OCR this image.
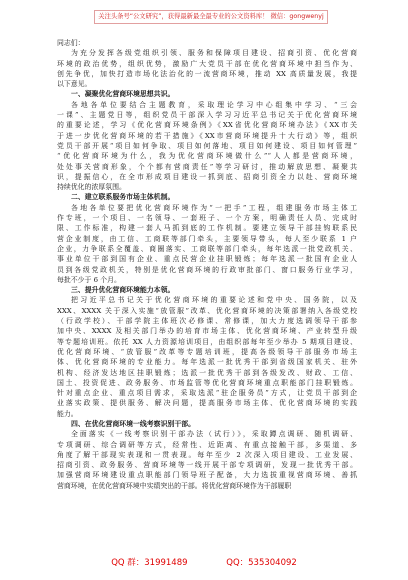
关注头条号“公文研究”，获得最新最全最专业的公文资料库！ 微信：gongwenyj
同志们：
为充分发挥各级党组织引领、服务和保障项目建设、招商引资、优化营商
环境的政治优势，组织优势，激励广大党员干部在优化营商环境中担当作为、
创先争优，加快打造市场化法治化的一流营商环境，推动 XX 高质量发展，我提
以下意见。
一、凝聚优化营商环境思想共识。
各地各单位要结合主题教育，采取理论学习中心组集中学习、“三会
一课”、主题党日等，组织党员干部深入学习习近平总书记关于优化营商环境
的重要论述，学习《优化营商环境条例》《XX省优化营商环境办法》《XX市关
于进一步优化营商环境的若干措施》《XX市营商环境提升十大行动》等，组织
党员干部开展“项目如何争取、项目如何落地、项目如何建设、项目如何管理”
“优化营商环境为什么，我为优化营商环境做什么”“人人都是营商环境，
处处事关营商形象，个个都有营商责任”等学习研讨，推动解放思想、凝聚共
识，提振信心，在全市形成项目建设一抓到底、招商引资全力以赴、营商环境
持续优化的浓厚氛围。
二、建立联系服务市场主体机制。
各地各单位要把优化营商环境作为“一把手”工程，组建服务市场主体工
作专班，一个项目、一名领导、一套班子、一个方案，明确责任人员、完成时
限、工作标准，构建一套人马抓到底的工作机制。要建立领导干部挂钩联系民
营企业制度，由工信、工商联等部门牵头，主要领导带头，每人至少联系 1 户
企业，力争联系全覆盖、商圈落实、工商联等部门牵头，每年选派一批党政机关、
事业单位干部到国有企业、重点民营企业挂职锻炼；每年选派一批国有企业人
员到各级党政机关，特别是优化营商环境的行政审批部门、窗口服务行业学习，
每批不少于 6 个月。
三、提升优化营商环境能力本领。
把习近平总书记关于优化营商环境的重要论述和党中央、国务院，以及
XXX、XXXX 关于深入实施“放管服”改革、优化营商环境的决策部署纳入各级党校
（行政学校）、干部学院主体班次必修课、常修课，加大力度选调领导干部参
加中央、XXXX 及相关部门举办的培育市场主体、优化营商环境、产业转型升级
等专题培训班。依托 XX 人力资源培训项目，由组织部每年至少举办 5 期项目建设、
优化营商环境、“放管服”改革等专题培训班，提高各级领导干部服务市场主
体、优化营商环境的专业能力。每年选派一批优秀干部到省级国家机关、驻外
机构、经济发达地区挂职锻炼；选派一批优秀干部到各级发改、财政、工信、
国土、投资促进、政务服务、市场监管等优化营商环境重点职能部门挂职锻炼。
针对重点企业、重点项目需求，采取选派“驻企服务员”方式，让党员干部到企
业落实政策、提供服务、解决问题，提高服务市场主体、优化营商环境的实践
能力。
四、在优化营商环境一线考察识别干部。
全面落实《一线考察识别干部办法（试行）》，采取蹲点调研、随机调研、
专项调研、综合调研等方式，经常性、近距离、有重点接触干部，多渠道、多
角度了解干部现实表现和一贯表现。每年至少 2 次深入项目建设、工业发展、
招商引资、政务服务、营商环境等一线开展干部专项调研，发现一批优秀干部。
加强营商环境建设重点职能部门领导班子配备，大力选拔重视营商环境、善抓
营商环境，在优化营商环境中实绩突出的干部。将优化营商环境作为干部履职
QQ 群：31991489	QQ：535304092
